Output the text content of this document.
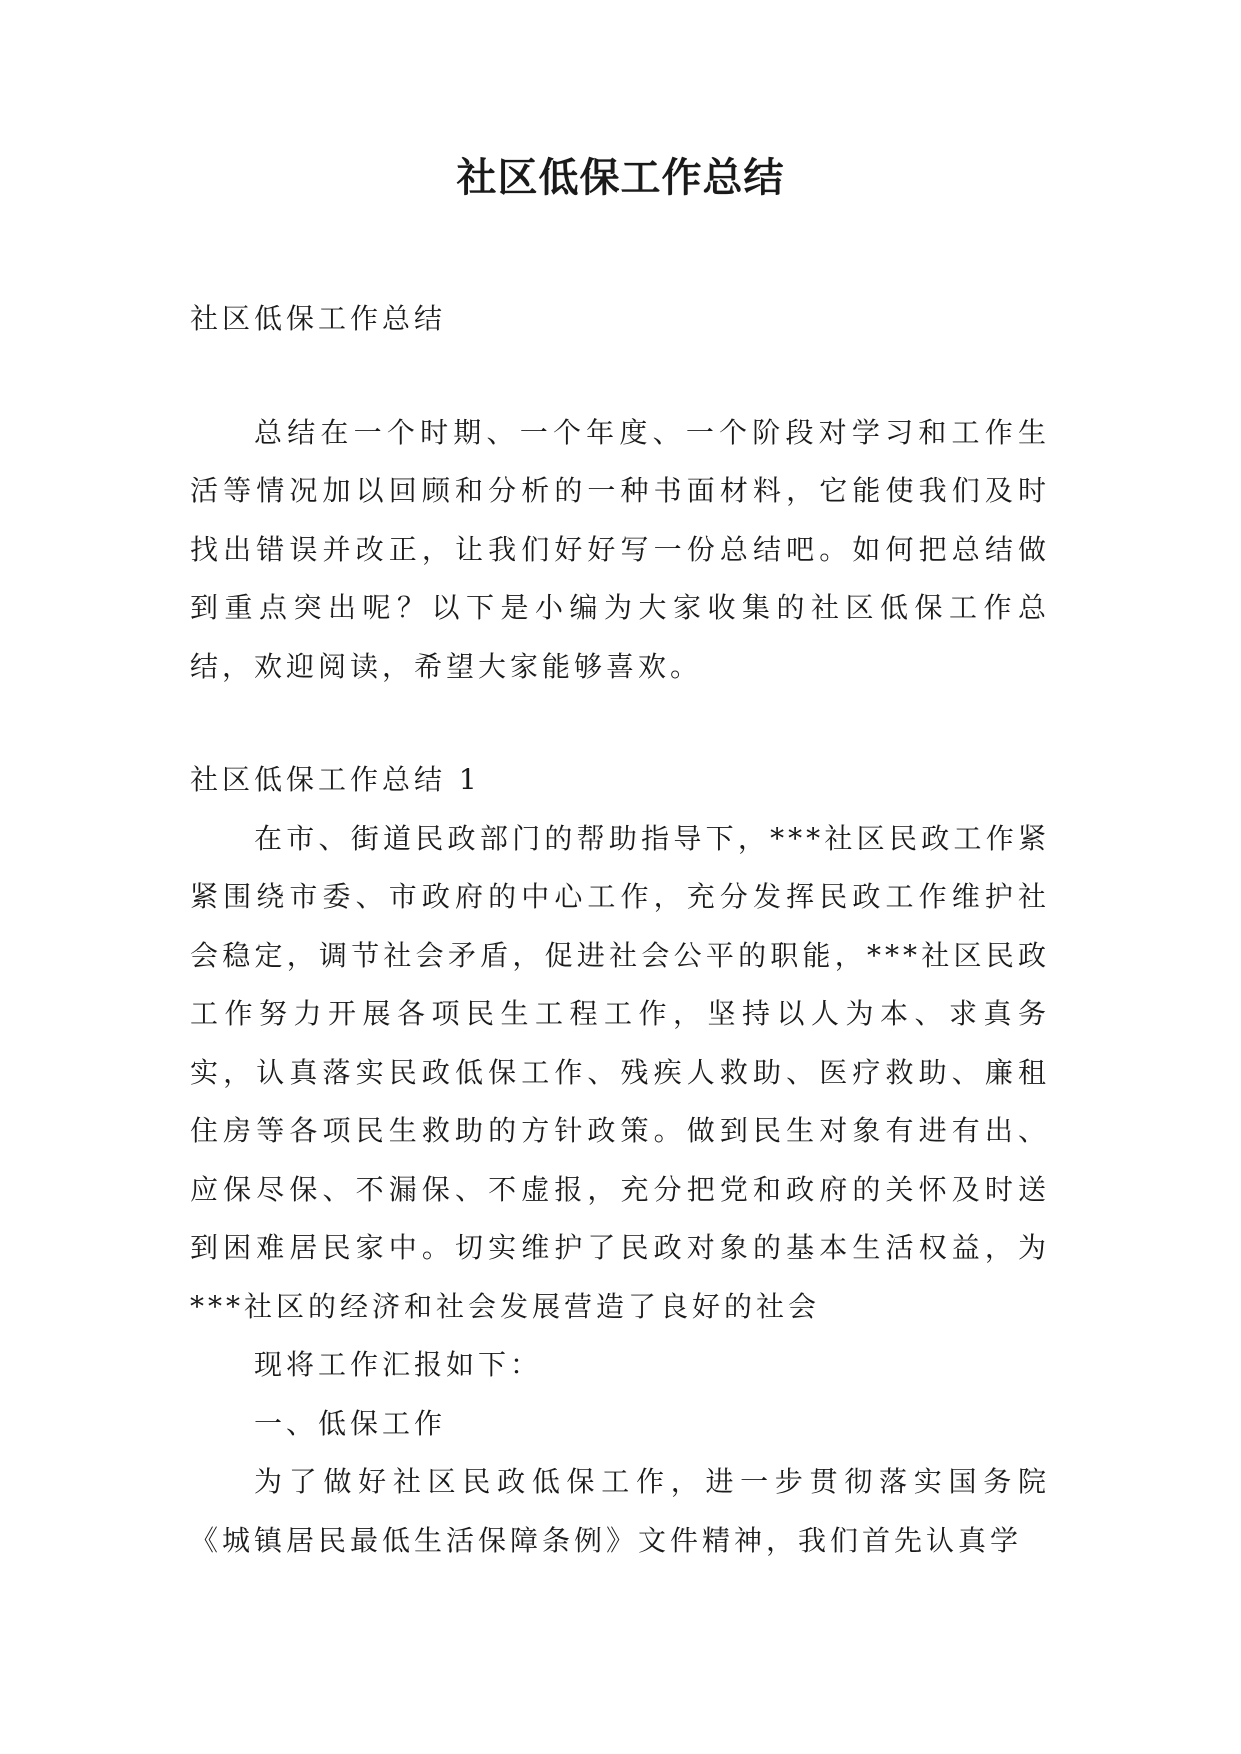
社区低保工作总结

社区低保工作总结

总结在一个时期、一个年度、一个阶段对学习和工作生活等情况加以回顾和分析的一种书面材料，它能使我们及时找出错误并改正，让我们好好写一份总结吧。如何把总结做到重点突出呢？以下是小编为大家收集的社区低保工作总结，欢迎阅读，希望大家能够喜欢。

社区低保工作总结 1

在市、街道民政部门的帮助指导下，***社区民政工作紧紧围绕市委、市政府的中心工作，充分发挥民政工作维护社会稳定，调节社会矛盾，促进社会公平的职能，***社区民政工作努力开展各项民生工程工作，坚持以人为本、求真务实，认真落实民政低保工作、残疾人救助、医疗救助、廉租住房等各项民生救助的方针政策。做到民生对象有进有出、应保尽保、不漏保、不虚报，充分把党和政府的关怀及时送到困难居民家中。切实维护了民政对象的基本生活权益，为***社区的经济和社会发展营造了良好的社会

现将工作汇报如下：

一、低保工作

为了做好社区民政低保工作，进一步贯彻落实国务院《城镇居民最低生活保障条例》文件精神，我们首先认真学
